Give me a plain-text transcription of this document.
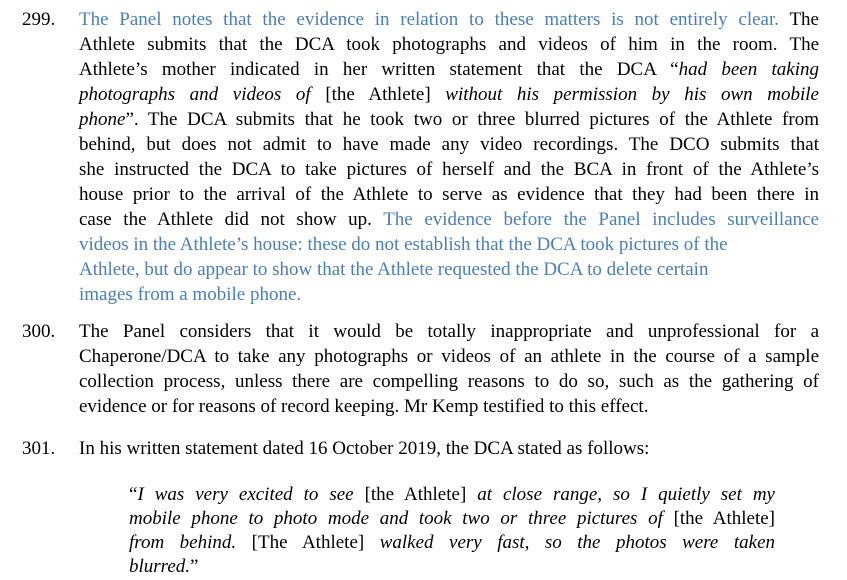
299. The Panel notes that the evidence in relation to these matters is not entirely clear. The
Athlete submits that the DCA took photographs and videos of him in the room. The
Athlete’s mother indicated in her written statement that the DCA “had been taking
photographs and videos of [the Athlete] without his permission by his own mobile
phone”. The DCA submits that he took two or three blurred pictures of the Athlete from
behind, but does not admit to have made any video recordings. The DCO submits that
she instructed the DCA to take pictures of herself and the BCA in front of the Athlete’s
house prior to the arrival of the Athlete to serve as evidence that they had been there in
case the Athlete did not show up. The evidence before the Panel includes surveillance
videos in the Athlete’s house: these do not establish that the DCA took pictures of the
Athlete, but do appear to show that the Athlete requested the DCA to delete certain
images from a mobile phone.
300. The Panel considers that it would be totally inappropriate and unprofessional for a
Chaperone/DCA to take any photographs or videos of an athlete in the course of a sample
collection process, unless there are compelling reasons to do so, such as the gathering of
evidence or for reasons of record keeping. Mr Kemp testified to this effect.
301. In his written statement dated 16 October 2019, the DCA stated as follows:
“I was very excited to see [the Athlete] at close range, so I quietly set my
mobile phone to photo mode and took two or three pictures of [the Athlete]
from behind. [The Athlete] walked very fast, so the photos were taken
blurred.”
